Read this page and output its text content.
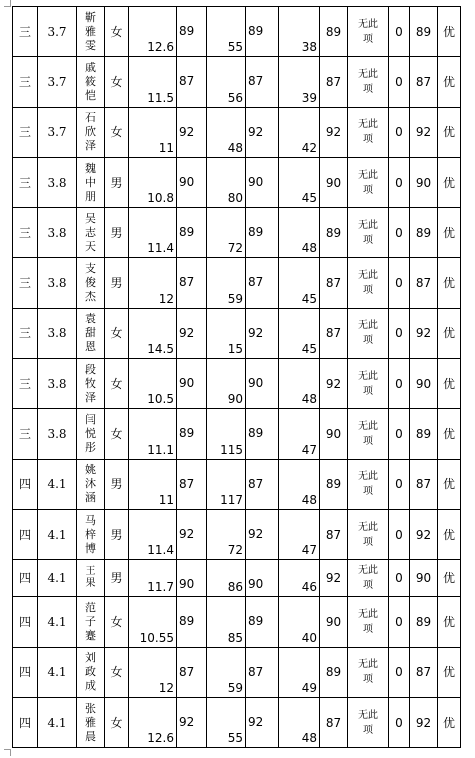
三	3.7	靳雅雯	女	12.6	89	55	89	38	89	无此项	0	89	优
三	3.7	戚筱恺	女	11.5	87	56	87	39	87	无此项	0	87	优
三	3.7	石欣泽	女	11	92	48	92	42	92	无此项	0	92	优
三	3.8	魏中朋	男	10.8	90	80	90	45	90	无此项	0	90	优
三	3.8	吴志天	男	11.4	89	72	89	48	89	无此项	0	89	优
三	3.8	支俊杰	男	12	87	59	87	45	87	无此项	0	87	优
三	3.8	袁甜恩	女	14.5	92	15	92	45	87	无此项	0	92	优
三	3.8	段牧泽	女	10.5	90	90	90	48	92	无此项	0	90	优
三	3.8	闫悦彤	女	11.1	89	115	89	47	90	无此项	0	89	优
四	4.1	姚沐涵	男	11	87	117	87	48	89	无此项	0	87	优
四	4.1	马梓博	男	11.4	92	72	92	47	87	无此项	0	92	优
四	4.1	王果	男	11.7	90	86	90	46	92	无此项	0	90	优
四	4.1	范子蹇	女	10.55	89	85	89	40	90	无此项	0	89	优
四	4.1	刘政成	女	12	87	59	87	49	89	无此项	0	87	优
四	4.1	张雅晨	女	12.6	92	55	92	48	87	无此项	0	92	优
